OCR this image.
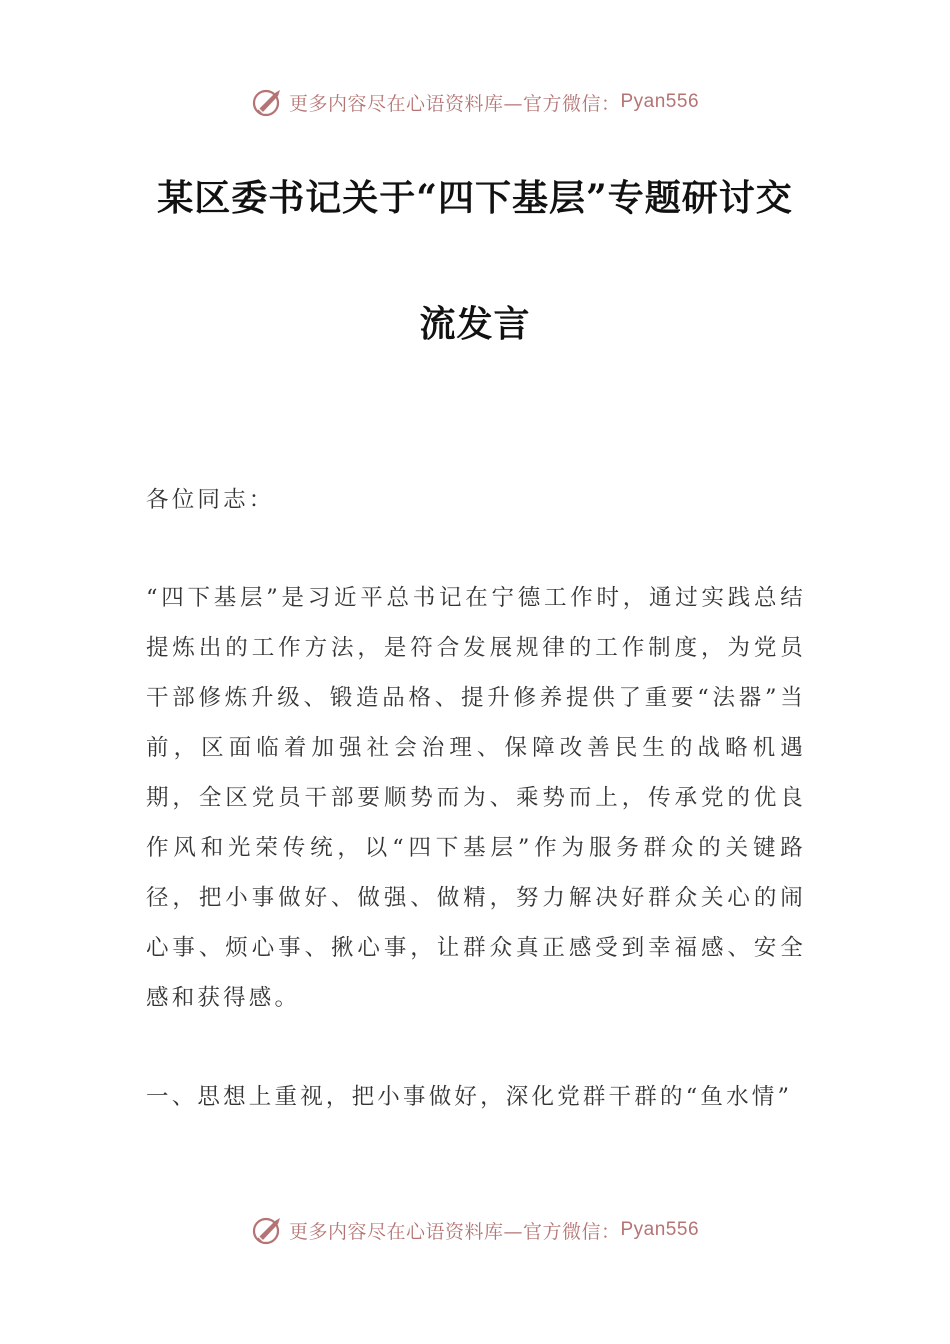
更多内容尽在心语资料库—官方微信： Pyan556
某区委书记关于“四下基层”专题研讨交
流发言
各位同志：
“四下基层”是习近平总书记在宁德工作时，通过实践总结提炼出的工作方法，是符合发展规律的工作制度，为党员干部修炼升级、锻造品格、提升修养提供了重要“法器”当前，区面临着加强社会治理、保障改善民生的战略机遇期，全区党员干部要顺势而为、乘势而上，传承党的优良作风和光荣传统，以“四下基层”作为服务群众的关键路径，把小事做好、做强、做精，努力解决好群众关心的闹心事、烦心事、揪心事，让群众真正感受到幸福感、安全感和获得感。
一、思想上重视，把小事做好，深化党群干群的“鱼水情”
更多内容尽在心语资料库—官方微信： Pyan556
